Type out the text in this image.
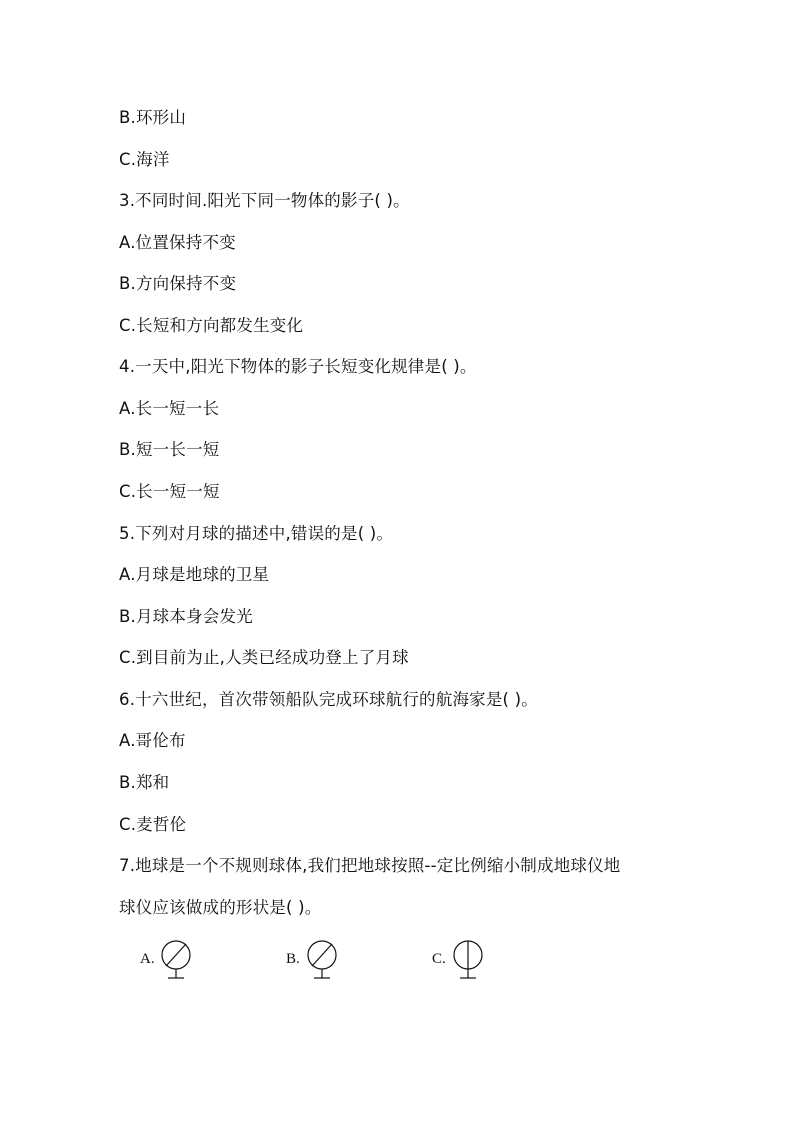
B.环形山
C.海洋
3.不同时间.阳光下同一物体的影子( )。
A.位置保持不变
B.方向保持不变
C.长短和方向都发生变化
4.一天中,阳光下物体的影子长短变化规律是( )。
A.长一短一长
B.短一长一短
C.长一短一短
5.下列对月球的描述中,错误的是( )。
A.月球是地球的卫星
B.月球本身会发光
C.到目前为止,人类已经成功登上了月球
6.十六世纪，首次带领船队完成环球航行的航海家是( )。
A.哥伦布
B.郑和
C.麦哲伦
7.地球是一个不规则球体,我们把地球按照--定比例缩小制成地球仪地
球仪应该做成的形状是( )。
A.	B.	C.
